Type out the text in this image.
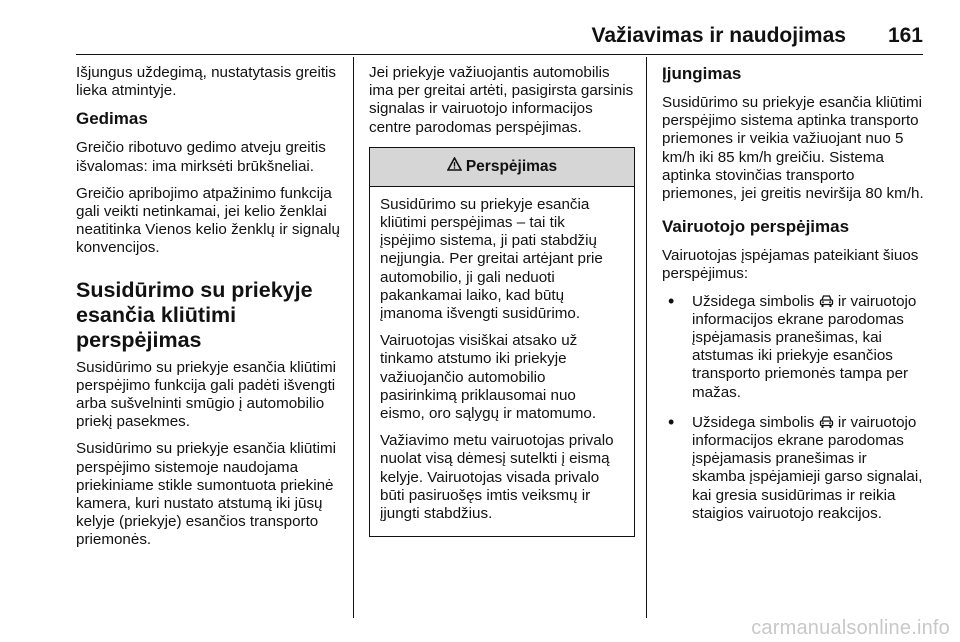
Važiavimas ir naudojimas 161

Išjungus uždegimą, nustatytasis greitis lieka atmintyje.

Gedimas

Greičio ribotuvo gedimo atveju greitis išvalomas: ima mirksėti brūkšneliai.

Greičio apribojimo atpažinimo funkcija gali veikti netinkamai, jei kelio ženklai neatitinka Vienos kelio ženklų ir signalų konvencijos.

Susidūrimo su priekyje esančia kliūtimi perspėjimas

Susidūrimo su priekyje esančia kliūtimi perspėjimo funkcija gali padėti išvengti arba sušvelninti smūgio į automobilio priekį pasekmes.

Susidūrimo su priekyje esančia kliūtimi perspėjimo sistemoje naudojama priekiniame stikle sumontuota priekinė kamera, kuri nustato atstumą iki jūsų kelyje (priekyje) esančios transporto priemonės.

Jei priekyje važiuojantis automobilis ima per greitai artėti, pasigirsta garsinis signalas ir vairuotojo informacijos centre parodomas perspėjimas.

Perspėjimas

Susidūrimo su priekyje esančia kliūtimi perspėjimas – tai tik įspėjimo sistema, ji pati stabdžių neįjungia. Per greitai artėjant prie automobilio, ji gali neduoti pakankamai laiko, kad būtų įmanoma išvengti susidūrimo.

Vairuotojas visiškai atsako už tinkamo atstumo iki priekyje važiuojančio automobilio pasirinkimą priklausomai nuo eismo, oro sąlygų ir matomumo.

Važiavimo metu vairuotojas privalo nuolat visą dėmesį sutelkti į eismą kelyje. Vairuotojas visada privalo būti pasiruošęs imtis veiksmų ir įjungti stabdžius.

Įjungimas

Susidūrimo su priekyje esančia kliūtimi perspėjimo sistema aptinka transporto priemones ir veikia važiuojant nuo 5 km/h iki 85 km/h greičiu. Sistema aptinka stovinčias transporto priemones, jei greitis neviršija 80 km/h.

Vairuotojo perspėjimas

Vairuotojas įspėjamas pateikiant šiuos perspėjimus:

• Užsidega simbolis ir vairuotojo informacijos ekrane parodomas įspėjamasis pranešimas, kai atstumas iki priekyje esančios transporto priemonės tampa per mažas.
• Užsidega simbolis ir vairuotojo informacijos ekrane parodomas įspėjamasis pranešimas ir skamba įspėjamieji garso signalai, kai gresia susidūrimas ir reikia staigios vairuotojo reakcijos.
carmanualsonline.info
